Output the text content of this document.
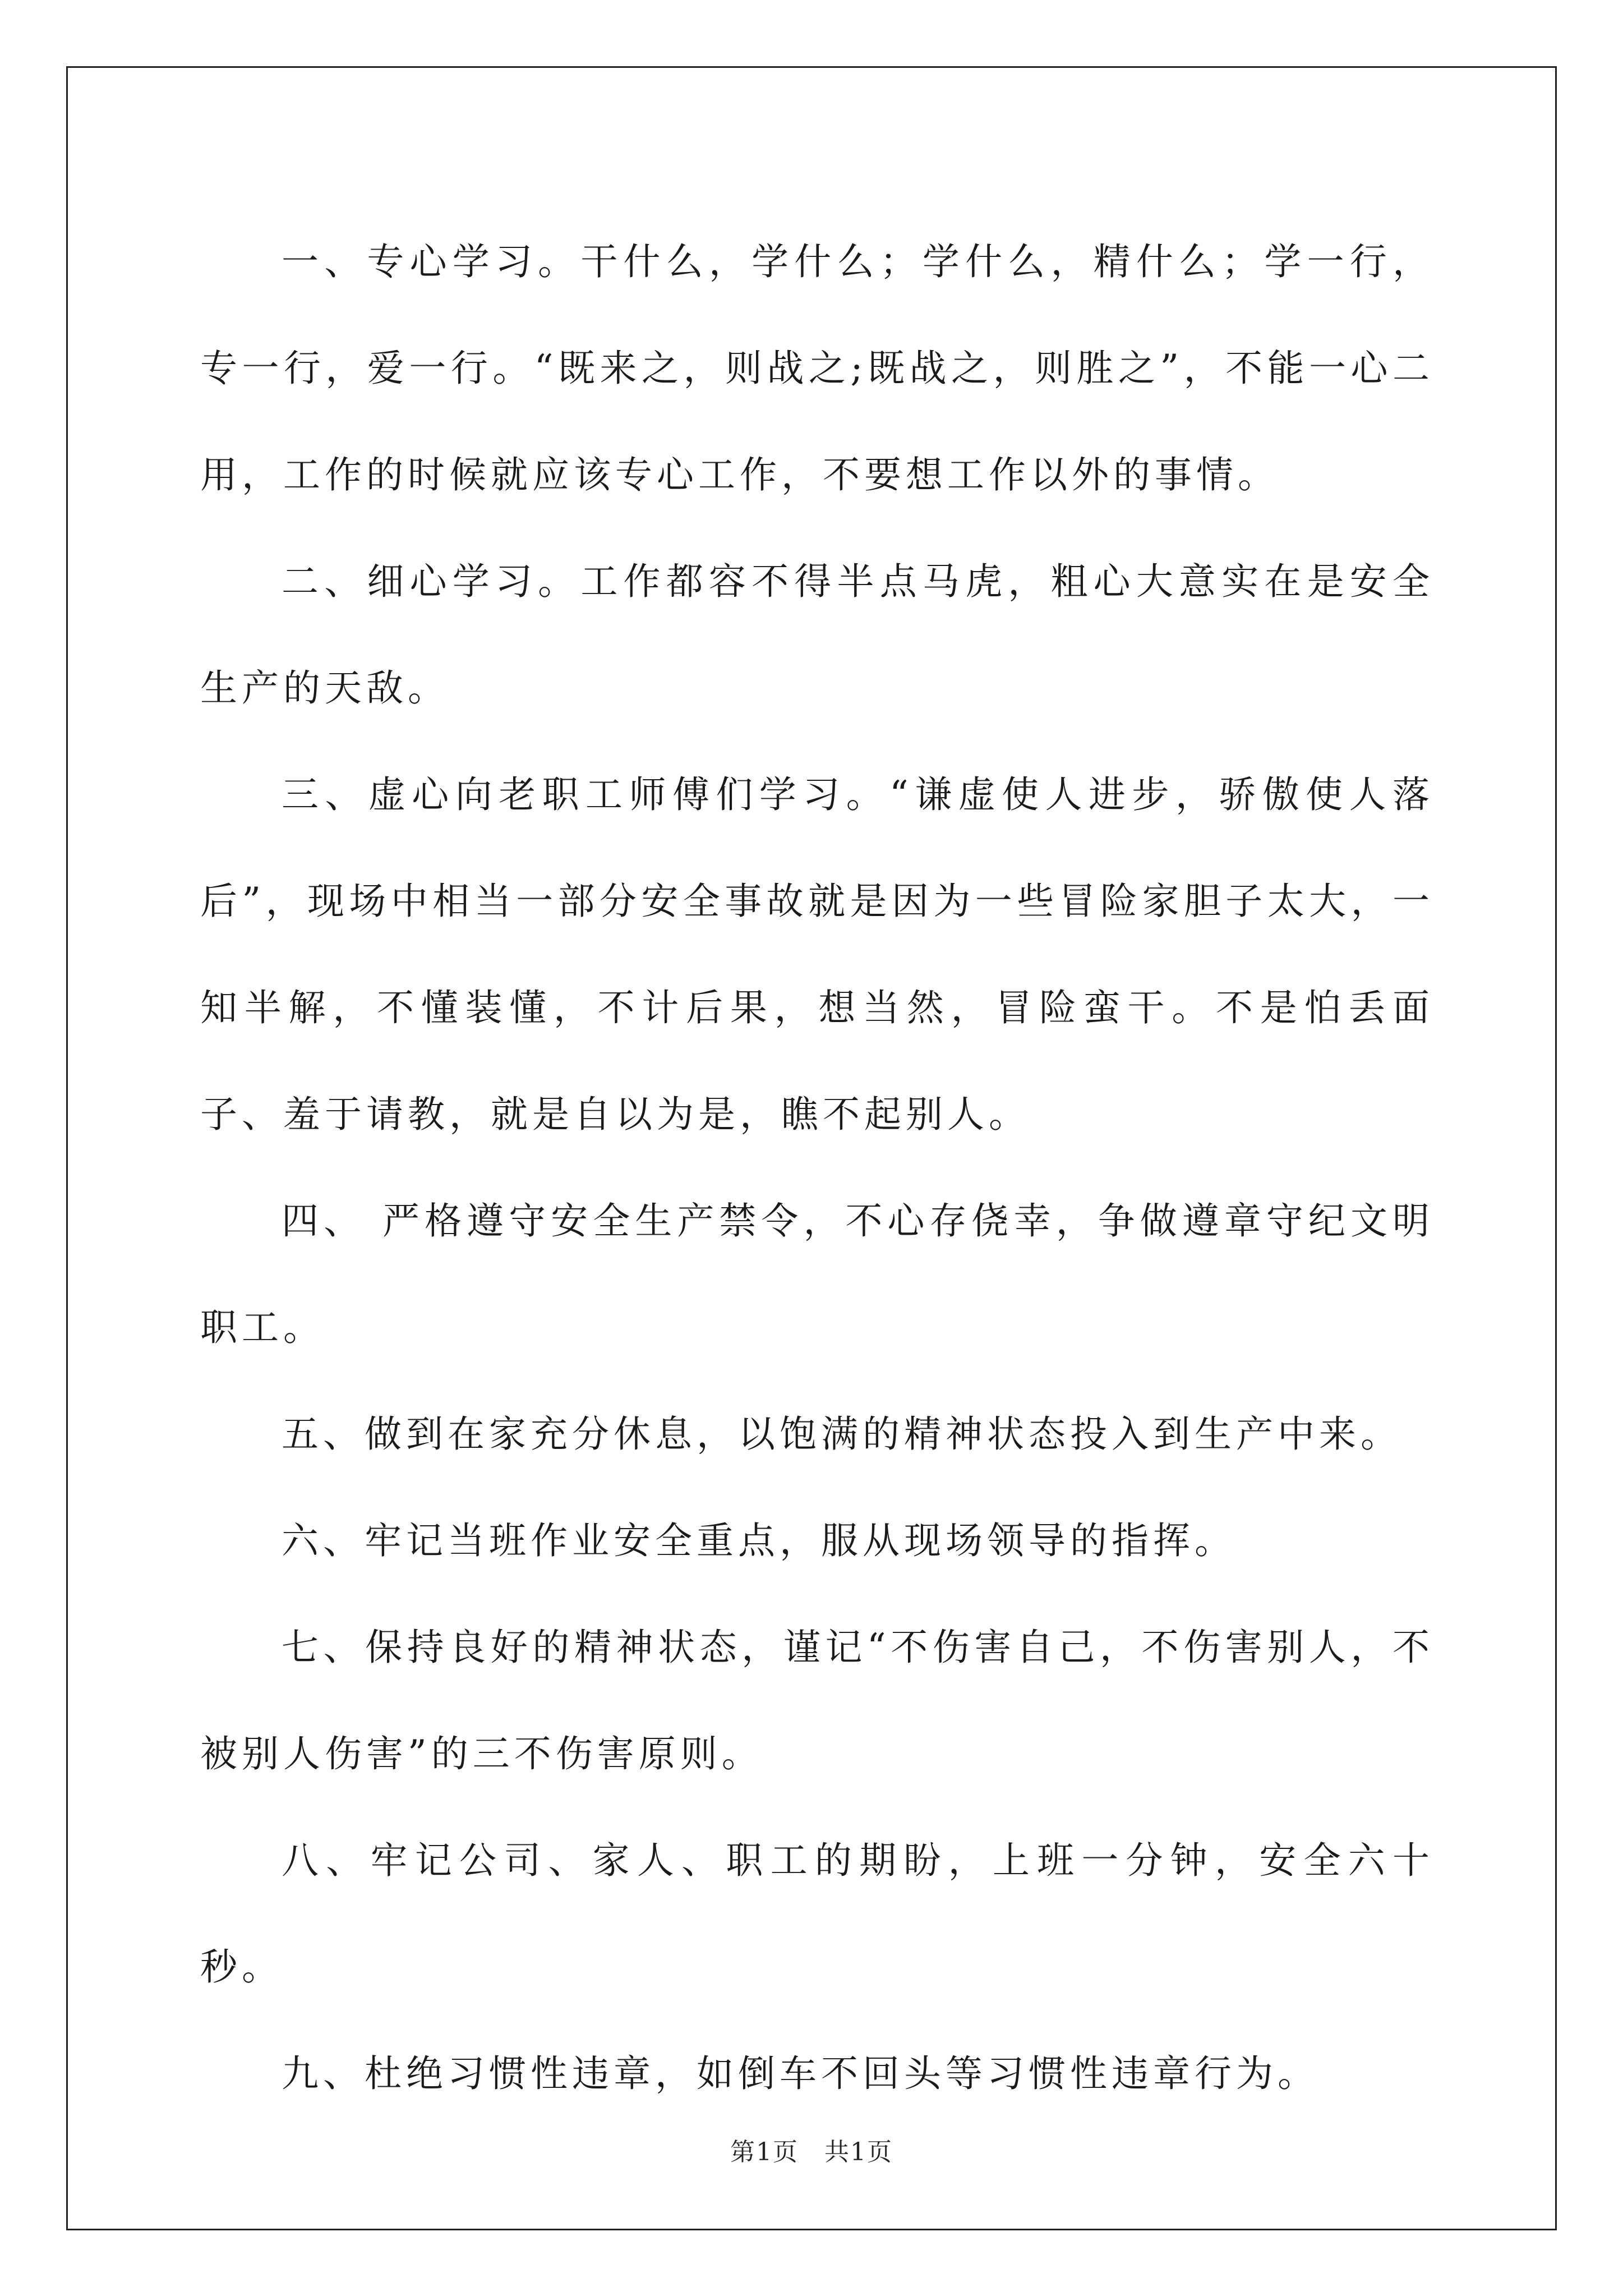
一、专心学习。干什么，学什么；学什么，精什么；学一行，专一行，爱一行。“既来之，则战之;既战之，则胜之”，不能一心二用，工作的时候就应该专心工作，不要想工作以外的事情。

二、细心学习。工作都容不得半点马虎，粗心大意实在是安全生产的天敌。

三、虚心向老职工师傅们学习。“谦虚使人进步，骄傲使人落后”，现场中相当一部分安全事故就是因为一些冒险家胆子太大，一知半解，不懂装懂，不计后果，想当然，冒险蛮干。不是怕丢面子、羞于请教，就是自以为是，瞧不起别人。

四、 严格遵守安全生产禁令，不心存侥幸，争做遵章守纪文明职工。

五、做到在家充分休息，以饱满的精神状态投入到生产中来。

六、牢记当班作业安全重点，服从现场领导的指挥。

七、保持良好的精神状态，谨记“不伤害自己，不伤害别人，不被别人伤害”的三不伤害原则。

八、牢记公司、家人、职工的期盼，上班一分钟，安全六十秒。

九、杜绝习惯性违章，如倒车不回头等习惯性违章行为。

第1页　共1页
